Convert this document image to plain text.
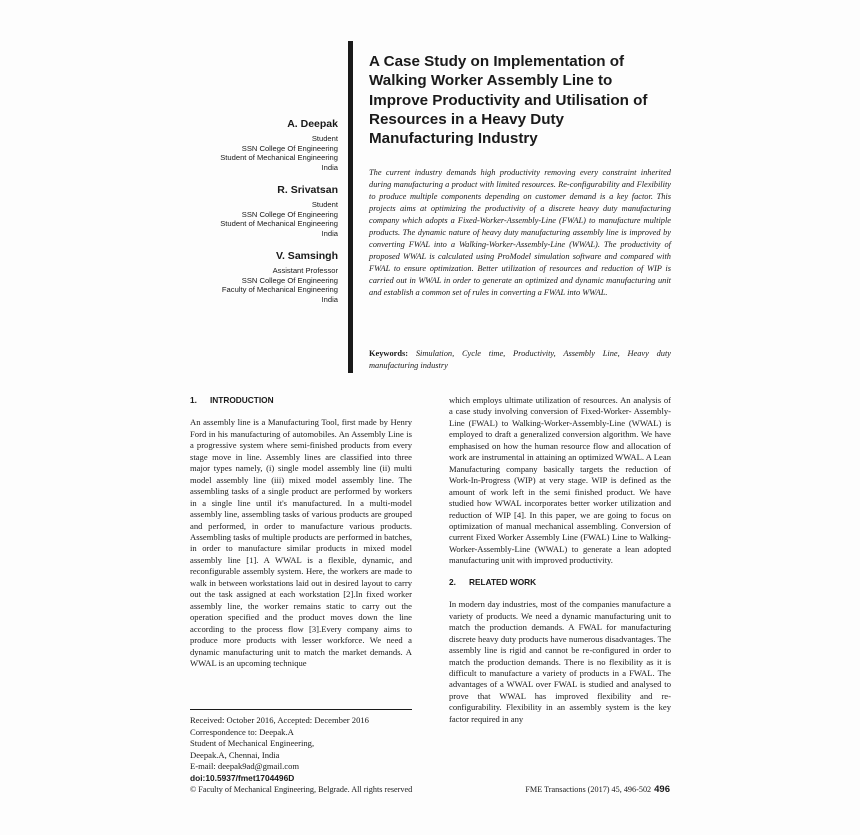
A. Deepak
Student
SSN College Of Engineering
Student of Mechanical Engineering
India
R. Srivatsan
Student
SSN College Of Engineering
Student of Mechanical Engineering
India
V. Samsingh
Assistant Professor
SSN College Of Engineering
Faculty of Mechanical Engineering
India
A Case Study on Implementation of Walking Worker Assembly Line to Improve Productivity and Utilisation of Resources in a Heavy Duty Manufacturing Industry

The current industry demands high productivity removing every constraint inherited during manufacturing a product with limited resources. Re-configurability and Flexibility to produce multiple components depending on customer demand is a key factor. This projects aims at optimizing the productivity of a discrete heavy duty manufacturing company which adopts a Fixed-Worker-Assembly-Line (FWAL) to manufacture multiple products. The dynamic nature of heavy duty manufacturing assembly line is improved by converting FWAL into a Walking-Worker-Assembly-Line (WWAL). The productivity of proposed WWAL is calculated using ProModel simulation software and compared with FWAL to ensure optimization. Better utilization of resources and reduction of WIP is carried out in WWAL in order to generate an optimized and dynamic manufacturing unit and establish a common set of rules in converting a FWAL into WWAL.

Keywords: Simulation, Cycle time, Productivity, Assembly Line, Heavy duty manufacturing industry

1. INTRODUCTION

An assembly line is a Manufacturing Tool, first made by Henry Ford in his manufacturing of automobiles. An Assembly Line is a progressive system where semi-finished products from every stage move in line. Assembly lines are classified into three major types namely, (i) single model assembly line (ii) multi model assembly line (iii) mixed model assembly line. The assembling tasks of a single product are performed by workers in a single line until it's manufactured. In a multi-model assembly line, assembling tasks of various products are grouped and performed, in order to manufacture various products. Assembling tasks of multiple products are performed in batches, in order to manufacture similar products in mixed model assembly line [1]. A WWAL is a flexible, dynamic, and reconfigurable assembly system. Here, the workers are made to walk in between workstations laid out in desired layout to carry out the task assigned at each workstation [2].In fixed worker assembly line, the worker remains static to carry out the operation specified and the product moves down the line according to the process flow [3].Every company aims to produce more products with lesser workforce. We need a dynamic manufacturing unit to match the market demands. A WWAL is an upcoming technique

which employs ultimate utilization of resources. An analysis of a case study involving conversion of Fixed-Worker- Assembly-Line (FWAL) to Walking-Worker-Assembly-Line (WWAL) is employed to draft a generalized conversion algorithm. We have emphasised on how the human resource flow and allocation of work are instrumental in attaining an optimized WWAL. A Lean Manufacturing company basically targets the reduction of Work-In-Progress (WIP) at very stage. WIP is defined as the amount of work left in the semi finished product. We have studied how WWAL incorporates better worker utilization and reduction of WIP [4]. In this paper, we are going to focus on optimization of manual mechanical assembling. Conversion of current Fixed Worker Assembly Line (FWAL) Line to Walking-Worker-Assembly-Line (WWAL) to generate a lean adopted manufacturing unit with improved productivity.

2. RELATED WORK

In modern day industries, most of the companies manufacture a variety of products. We need a dynamic manufacturing unit to match the production demands. A FWAL for manufacturing discrete heavy duty products have numerous disadvantages. The assembly line is rigid and cannot be re-configured in order to match the production demands. There is no flexibility as it is difficult to manufacture a variety of products in a FWAL. The advantages of a WWAL over FWAL is studied and analysed to prove that WWAL has improved flexibility and re-configurability. Flexibility in an assembly system is the key factor required in any

Received: October 2016, Accepted: December 2016
Correspondence to: Deepak.A
Student of Mechanical Engineering,
Deepak.A, Chennai, India
E-mail: deepak9ad@gmail.com
doi:10.5937/fmet1704496D
© Faculty of Mechanical Engineering, Belgrade. All rights reserved	FME Transactions (2017) 45, 496-502 496
